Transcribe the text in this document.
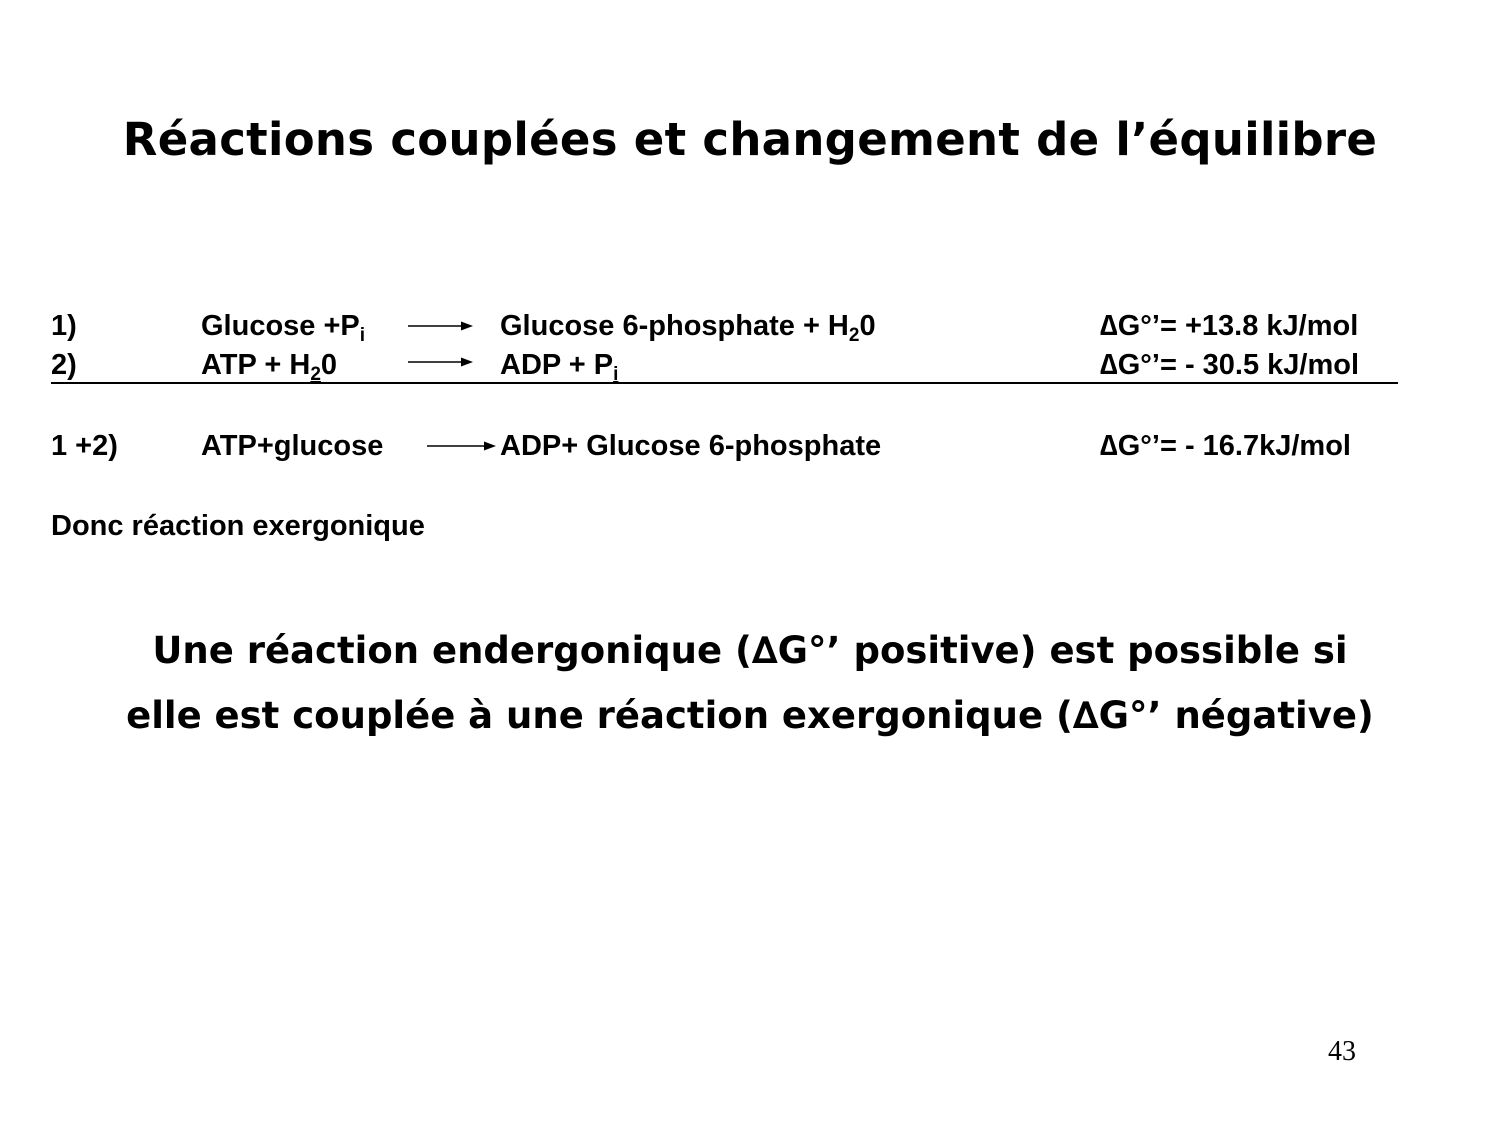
Réactions couplées et changement de l’équilibre
1)	$Glucose +P_i \to Glucose$ 6-phosphate + $H_20$	∆G°’= +13.8 kJ/mol
2)	ATP + $H_20$ → ADP + $P_i$	∆G°’= - 30.5 kJ/mol
1 +2)	ATP+glucose → ADP+ Glucose 6-phosphate	∆G°’= - 16.7kJ/mol
Donc réaction exergonique
Une réaction endergonique (∆G°’ positive) est possible si
elle est couplée à une réaction exergonique (∆G°’ négative)
43
